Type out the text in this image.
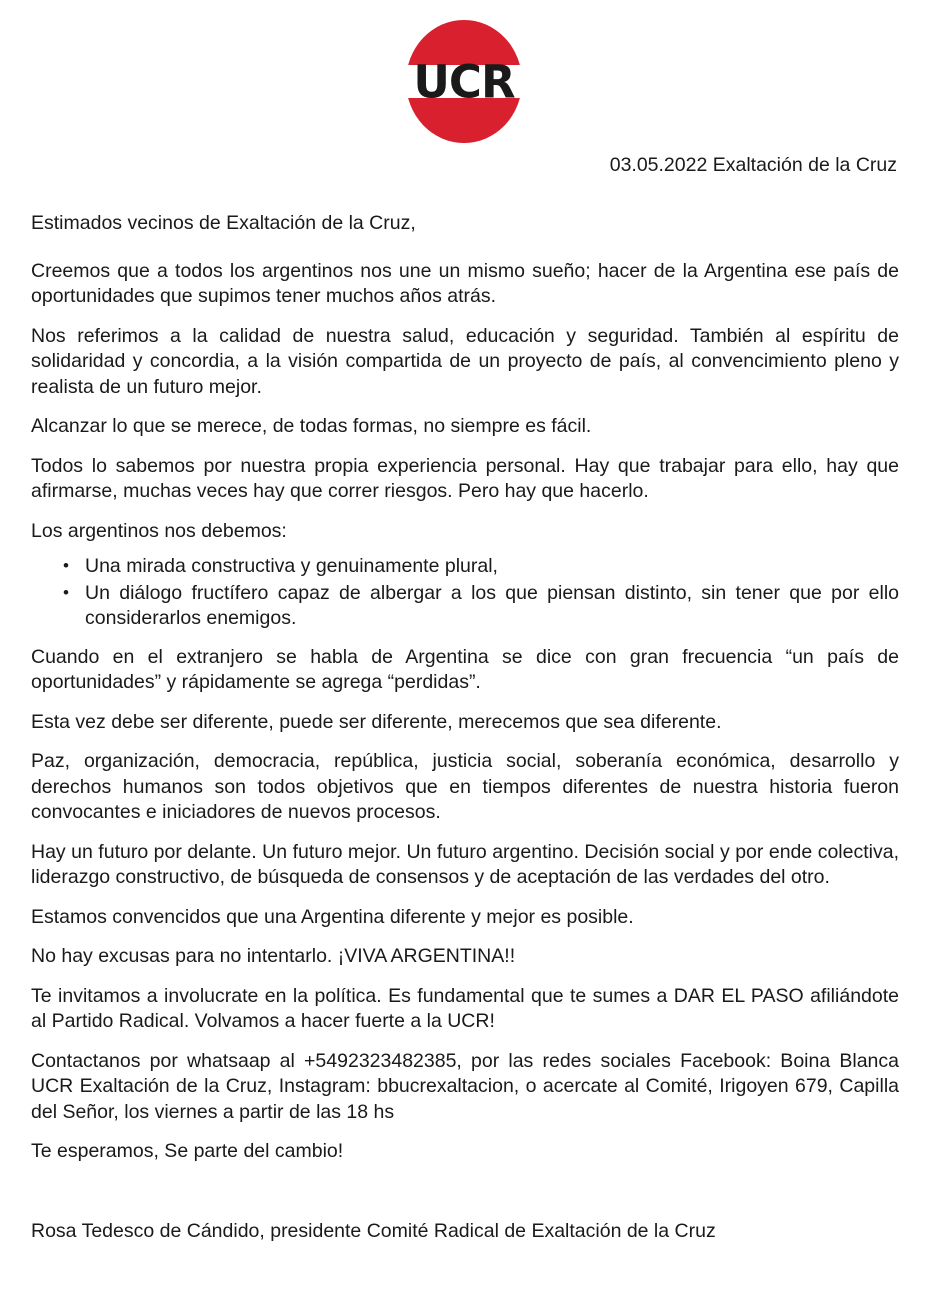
UCR
03.05.2022 Exaltación de la Cruz

Estimados vecinos de Exaltación de la Cruz,

Creemos que a todos los argentinos nos une un mismo sueño; hacer de la Argentina ese país de oportunidades que supimos tener muchos años atrás.

Nos referimos a la calidad de nuestra salud, educación y seguridad. También al espíritu de solidaridad y concordia, a la visión compartida de un proyecto de país, al convencimiento pleno y realista de un futuro mejor.

Alcanzar lo que se merece, de todas formas, no siempre es fácil.

Todos lo sabemos por nuestra propia experiencia personal. Hay que trabajar para ello, hay que afirmarse, muchas veces hay que correr riesgos. Pero hay que hacerlo.

Los argentinos nos debemos:

• Una mirada constructiva y genuinamente plural,
• Un diálogo fructífero capaz de albergar a los que piensan distinto, sin tener que por ello considerarlos enemigos.

Cuando en el extranjero se habla de Argentina se dice con gran frecuencia “un país de oportunidades” y rápidamente se agrega “perdidas”.

Esta vez debe ser diferente, puede ser diferente, merecemos que sea diferente.

Paz, organización, democracia, república, justicia social, soberanía económica, desarrollo y derechos humanos son todos objetivos que en tiempos diferentes de nuestra historia fueron convocantes e iniciadores de nuevos procesos.

Hay un futuro por delante. Un futuro mejor. Un futuro argentino. Decisión social y por ende colectiva, liderazgo constructivo, de búsqueda de consensos y de aceptación de las verdades del otro.

Estamos convencidos que una Argentina diferente y mejor es posible.

No hay excusas para no intentarlo. ¡VIVA ARGENTINA!!

Te invitamos a involucrate en la política. Es fundamental que te sumes a DAR EL PASO afiliándote al Partido Radical. Volvamos a hacer fuerte a la UCR!

Contactanos por whatsaap al +5492323482385, por las redes sociales Facebook: Boina Blanca UCR Exaltación de la Cruz, Instagram: bbucrexaltacion, o acercate al Comité, Irigoyen 679, Capilla del Señor, los viernes a partir de las 18 hs

Te esperamos, Se parte del cambio!

Rosa Tedesco de Cándido, presidente Comité Radical de Exaltación de la Cruz
